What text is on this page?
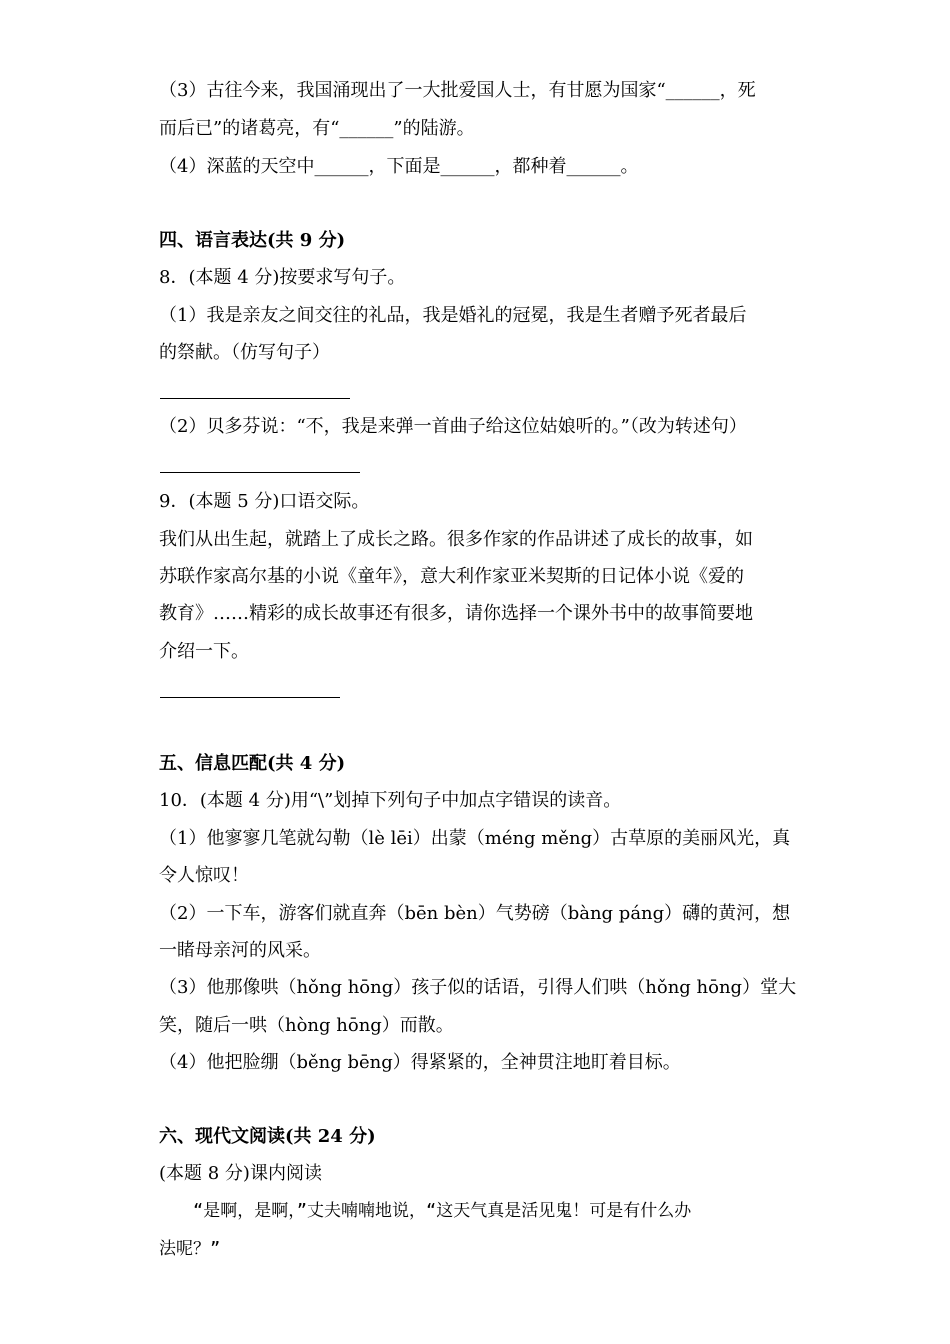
（3）古往今来，我国涌现出了一大批爱国人士，有甘愿为国家“______，死
而后已”的诸葛亮，有“______”的陆游。
（4）深蓝的天空中______，下面是______，都种着______。
四、语言表达(共 9 分)
8．(本题 4 分)按要求写句子。
（1）我是亲友之间交往的礼品，我是婚礼的冠冕，我是生者赠予死者最后
的祭献。（仿写句子）
（2）贝多芬说：“不，我是来弹一首曲子给这位姑娘听的。”（改为转述句）
9．(本题 5 分)口语交际。
我们从出生起，就踏上了成长之路。很多作家的作品讲述了成长的故事，如
苏联作家高尔基的小说《童年》，意大利作家亚米契斯的日记体小说《爱的
教育》……精彩的成长故事还有很多，请你选择一个课外书中的故事简要地
介绍一下。
五、信息匹配(共 4 分)
10．(本题 4 分)用“\”划掉下列句子中加点字错误的读音。
（1）他寥寥几笔就勾勒（lè lēi）出蒙（méng měng）古草原的美丽风光，真
令人惊叹！
（2）一下车，游客们就直奔（bēn bèn）气势磅（bàng páng）礴的黄河，想
一睹母亲河的风采。
（3）他那像哄（hǒng hōng）孩子似的话语，引得人们哄（hǒng hōng）堂大
笑，随后一哄（hòng hōng）而散。
（4）他把脸绷（běng bēng）得紧紧的，全神贯注地盯着目标。
六、现代文阅读(共 24 分)
(本题 8 分)课内阅读
　　“是啊，是啊，”丈夫喃喃地说，“这天气真是活见鬼！可是有什么办
法呢？”
